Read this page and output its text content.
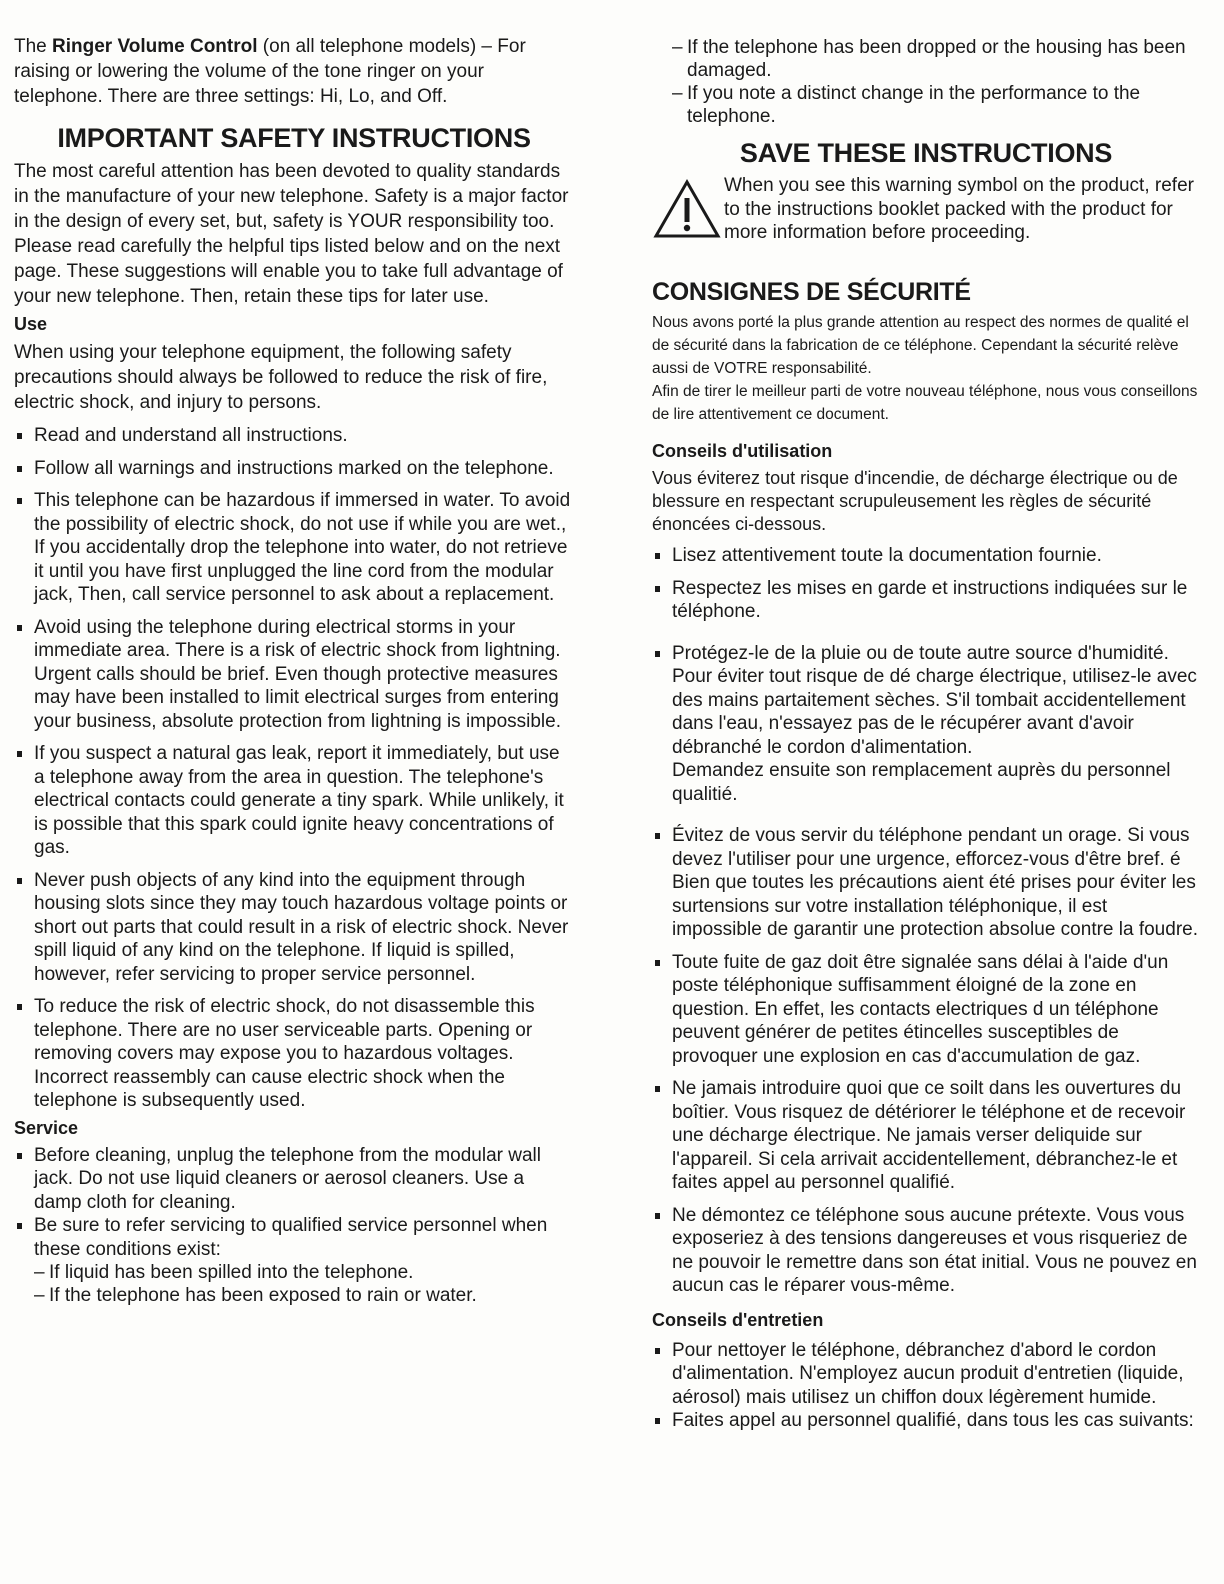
The Ringer Volume Control (on all telephone models) – For raising or lowering the volume of the tone ringer on your telephone. There are three settings: Hi, Lo, and Off.

IMPORTANT SAFETY INSTRUCTIONS

The most careful attention has been devoted to quality standards in the manufacture of your new telephone. Safety is a major factor in the design of every set, but, safety is YOUR responsibility too.

Please read carefully the helpful tips listed below and on the next page. These suggestions will enable you to take full advantage of your new telephone. Then, retain these tips for later use.

Use

When using your telephone equipment, the following safety precautions should always be followed to reduce the risk of fire, electric shock, and injury to persons.

Read and understand all instructions.
Follow all warnings and instructions marked on the telephone.
This telephone can be hazardous if immersed in water. To avoid the possibility of electric shock, do not use if while you are wet., If you accidentally drop the telephone into water, do not retrieve it until you have first unplugged the line cord from the modular jack, Then, call service personnel to ask about a replacement.
Avoid using the telephone during electrical storms in your immediate area. There is a risk of electric shock from lightning. Urgent calls should be brief. Even though protective measures may have been installed to limit electrical surges from entering your business, absolute protection from lightning is impossible.
If you suspect a natural gas leak, report it immediately, but use a telephone away from the area in question. The telephone's electrical contacts could generate a tiny spark. While unlikely, it is possible that this spark could ignite heavy concentrations of gas.
Never push objects of any kind into the equipment through housing slots since they may touch hazardous voltage points or short out parts that could result in a risk of electric shock. Never spill liquid of any kind on the telephone. If liquid is spilled, however, refer servicing to proper service personnel.
To reduce the risk of electric shock, do not disassemble this telephone. There are no user serviceable parts. Opening or removing covers may expose you to hazardous voltages. Incorrect reassembly can cause electric shock when the telephone is subsequently used.
Service
Before cleaning, unplug the telephone from the modular wall jack. Do not use liquid cleaners or aerosol cleaners. Use a damp cloth for cleaning.
Be sure to refer servicing to qualified service personnel when these conditions exist:
– If liquid has been spilled into the telephone.
– If the telephone has been exposed to rain or water.
– If the telephone has been dropped or the housing has been damaged.
– If you note a distinct change in the performance to the telephone.
SAVE THESE INSTRUCTIONS

When you see this warning symbol on the product, refer to the instructions booklet packed with the product for more information before proceeding.

CONSIGNES DE SÉCURITÉ

Nous avons porté la plus grande attention au respect des normes de qualité el de sécurité dans la fabrication de ce téléphone. Cependant la sécurité relève aussi de VOTRE responsabilité.

Afin de tirer le meilleur parti de votre nouveau téléphone, nous vous conseillons de lire attentivement ce document.

Conseils d'utilisation

Vous éviterez tout risque d'incendie, de décharge électrique ou de blessure en respectant scrupuleusement les règles de sécurité énoncées ci-dessous.

Lisez attentivement toute la documentation fournie.
Respectez les mises en garde et instructions indiquées sur le téléphone.
Protégez-le de la pluie ou de toute autre source d'humidité. Pour éviter tout risque de dé charge électrique, utilisez-le avec des mains partaitement sèches. S'il tombait accidentellement dans l'eau, n'essayez pas de le récupérer avant d'avoir débranché le cordon d'alimentation.
Demandez ensuite son remplacement auprès du personnel qualitié.
Évitez de vous servir du téléphone pendant un orage. Si vous devez l'utiliser pour une urgence, efforcez-vous d'être bref. é Bien que toutes les précautions aient été prises pour éviter les surtensions sur votre installation téléphonique, il est impossible de garantir une protection absolue contre la foudre.
Toute fuite de gaz doit être signalée sans délai à l'aide d'un poste téléphonique suffisamment éloigné de la zone en question. En effet, les contacts electriques d un téléphone peuvent générer de petites étincelles susceptibles de provoquer une explosion en cas d'accumulation de gaz.
Ne jamais introduire quoi que ce soilt dans les ouvertures du boîtier. Vous risquez de détériorer le téléphone et de recevoir une décharge électrique. Ne jamais verser deliquide sur l'appareil. Si cela arrivait accidentellement, débranchez-le et faites appel au personnel qualifié.
Ne démontez ce téléphone sous aucune prétexte. Vous vous exposeriez à des tensions dangereuses et vous risqueriez de ne pouvoir le remettre dans son état initial. Vous ne pouvez en aucun cas le réparer vous-même.
Conseils d'entretien
Pour nettoyer le téléphone, débranchez d'abord le cordon d'alimentation. N'employez aucun produit d'entretien (liquide, aérosol) mais utilisez un chiffon doux légèrement humide.
Faites appel au personnel qualifié, dans tous les cas suivants:
